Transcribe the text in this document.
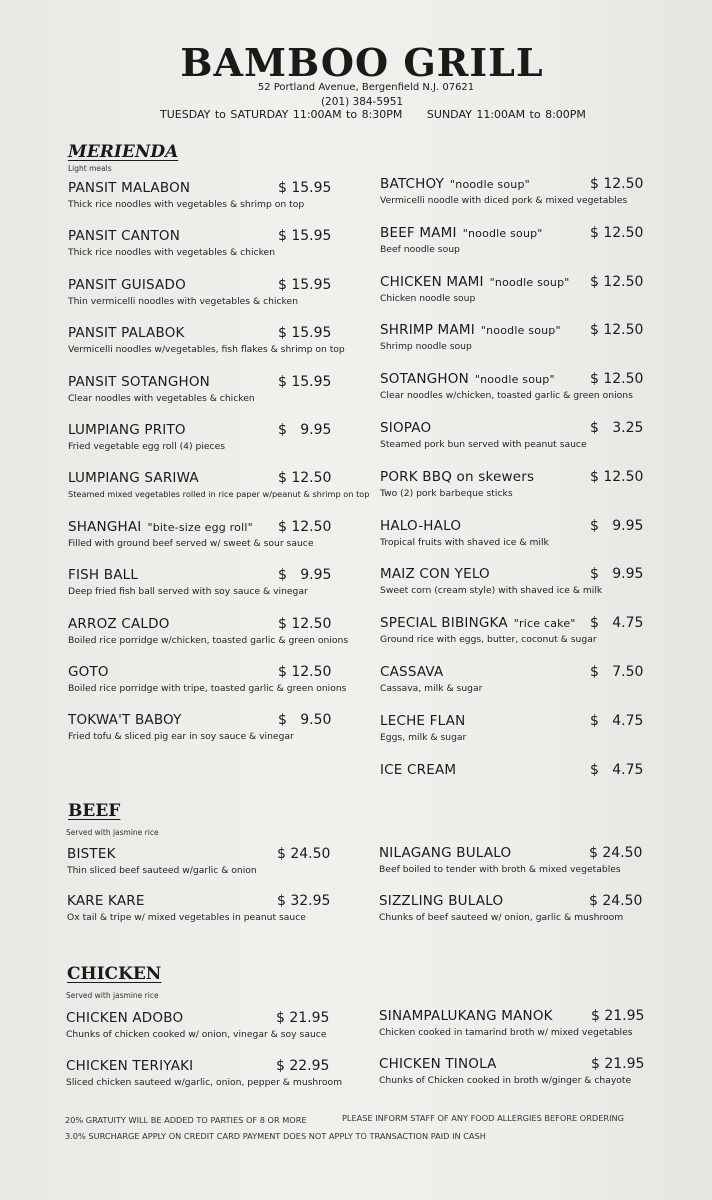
BAMBOO GRILL
52 Portland Avenue, Bergenfield N.J. 07621
(201) 384-5951
TUESDAY to SATURDAY 11:00AM to 8:30PM SUNDAY 11:00AM to 8:00PM
MERIENDA
Light meals
PANSIT MALABON	$ 15.95
Thick rice noodles with vegetables & shrimp on top
PANSIT CANTON	$ 15.95
Thick rice noodles with vegetables & chicken
PANSIT GUISADO	$ 15.95
Thin vermicelli noodles with vegetables & chicken
PANSIT PALABOK	$ 15.95
Vermicelli noodles w/vegetables, fish flakes & shrimp on top
PANSIT SOTANGHON	$ 15.95
Clear noodles with vegetables & chicken
LUMPIANG PRITO	$   9.95
Fried vegetable egg roll (4) pieces
LUMPIANG SARIWA	$ 12.50
Steamed mixed vegetables rolled in rice paper w/peanut & shrimp on top
SHANGHAI "bite-size egg roll"	$ 12.50
Filled with ground beef served w/ sweet & sour sauce
FISH BALL	$   9.95
Deep fried fish ball served with soy sauce & vinegar
ARROZ CALDO	$ 12.50
Boiled rice porridge w/chicken, toasted garlic & green onions
GOTO	$ 12.50
Boiled rice porridge with tripe, toasted garlic & green onions
TOKWA'T BABOY	$   9.50
Fried tofu & sliced pig ear in soy sauce & vinegar
BATCHOY "noodle soup"	$ 12.50
Vermicelli noodle with diced pork & mixed vegetables
BEEF MAMI "noodle soup"	$ 12.50
Beef noodle soup
CHICKEN MAMI "noodle soup"	$ 12.50
Chicken noodle soup
SHRIMP MAMI "noodle soup"	$ 12.50
Shrimp noodle soup
SOTANGHON "noodle soup"	$ 12.50
Clear noodles w/chicken, toasted garlic & green onions
SIOPAO	$   3.25
Steamed pork bun served with peanut sauce
PORK BBQ on skewers	$ 12.50
Two (2) pork barbeque sticks
HALO-HALO	$   9.95
Tropical fruits with shaved ice & milk
MAIZ CON YELO	$   9.95
Sweet corn (cream style) with shaved ice & milk
SPECIAL BIBINGKA "rice cake"	$   4.75
Ground rice with eggs, butter, coconut & sugar
CASSAVA	$   7.50
Cassava, milk & sugar
LECHE FLAN	$   4.75
Eggs, milk & sugar
ICE CREAM	$   4.75
BEEF
Served with jasmine rice
BISTEK	$ 24.50
Thin sliced beef sauteed w/garlic & onion
KARE KARE	$ 32.95
Ox tail & tripe w/ mixed vegetables in peanut sauce
NILAGANG BULALO	$ 24.50
Beef boiled to tender with broth & mixed vegetables
SIZZLING BULALO	$ 24.50
Chunks of beef sauteed w/ onion, garlic & mushroom
CHICKEN
Served with jasmine rice
CHICKEN ADOBO	$ 21.95
Chunks of chicken cooked w/ onion, vinegar & soy sauce
CHICKEN TERIYAKI	$ 22.95
Sliced chicken sauteed w/garlic, onion, pepper & mushroom
SINAMPALUKANG MANOK	$ 21.95
Chicken cooked in tamarind broth w/ mixed vegetables
CHICKEN TINOLA	$ 21.95
Chunks of Chicken cooked in broth w/ginger & chayote
20% GRATUITY WILL BE ADDED TO PARTIES OF 8 OR MORE	PLEASE INFORM STAFF OF ANY FOOD ALLERGIES BEFORE ORDERING
3.0% SURCHARGE APPLY ON CREDIT CARD PAYMENT DOES NOT APPLY TO TRANSACTION PAID IN CASH
